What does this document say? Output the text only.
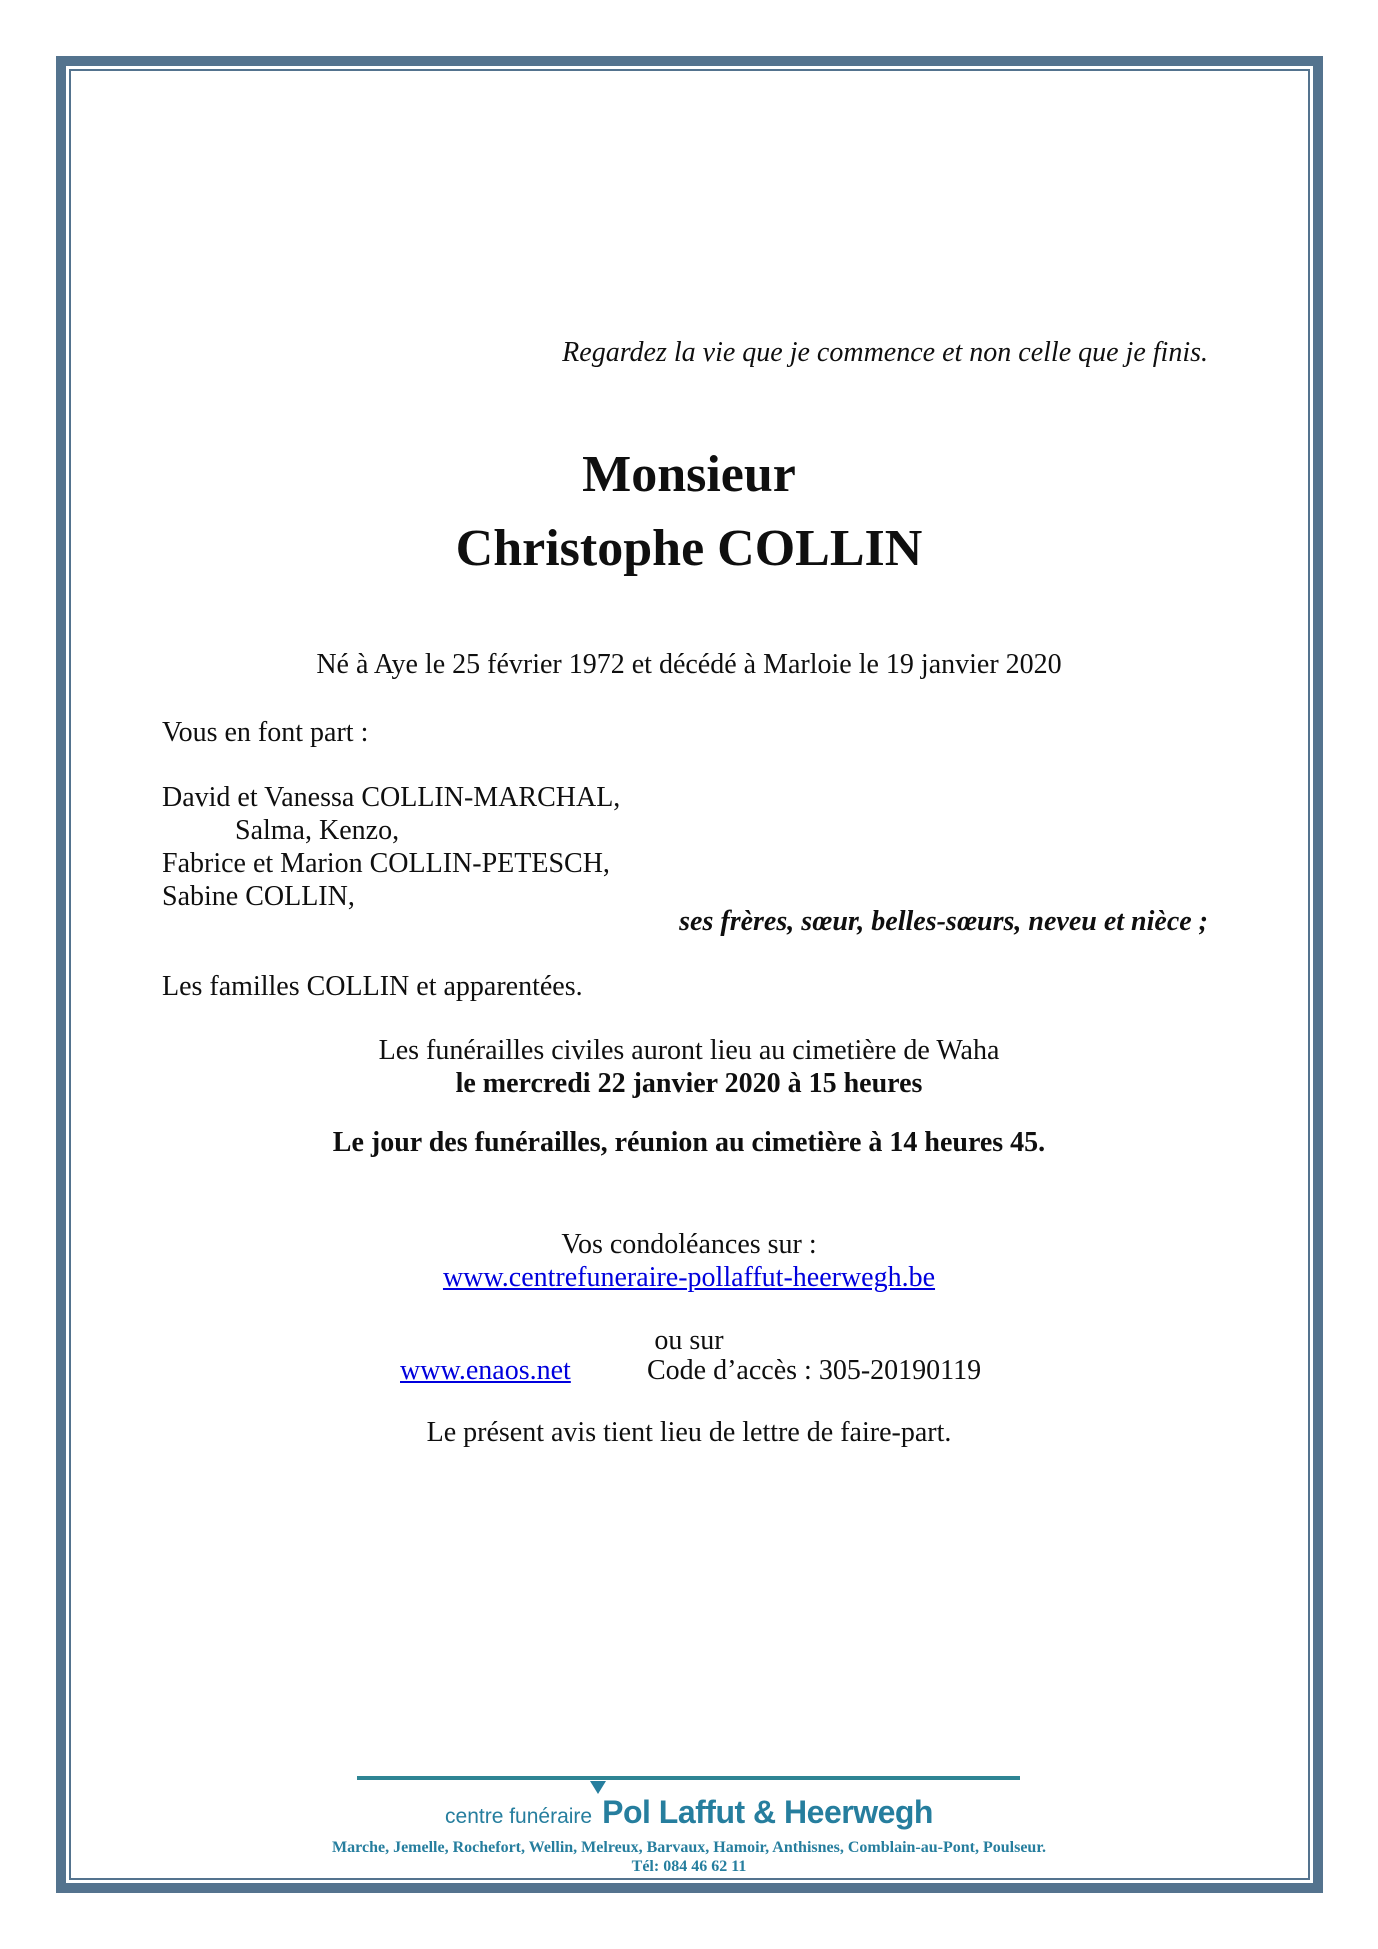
Regardez la vie que je commence et non celle que je finis.
Monsieur
Christophe COLLIN
Né à Aye le 25 février 1972 et décédé à Marloie le 19 janvier 2020
Vous en font part :
David et Vanessa COLLIN-MARCHAL,
Salma, Kenzo,
Fabrice et Marion COLLIN-PETESCH,
Sabine COLLIN,
ses frères, sœur, belles-sœurs, neveu et nièce ;
Les familles COLLIN et apparentées.
Les funérailles civiles auront lieu au cimetière de Waha
le mercredi 22 janvier 2020 à 15 heures
Le jour des funérailles, réunion au cimetière à 14 heures 45.
Vos condoléances sur :
www.centrefuneraire-pollaffut-heerwegh.be
ou sur
www.enaos.net	Code d’accès : 305-20190119
Le présent avis tient lieu de lettre de faire-part.
centre funéraire Pol Laffut & Heerwegh
Marche, Jemelle, Rochefort, Wellin, Melreux, Barvaux, Hamoir, Anthisnes, Comblain-au-Pont, Poulseur.
Tél: 084 46 62 11
